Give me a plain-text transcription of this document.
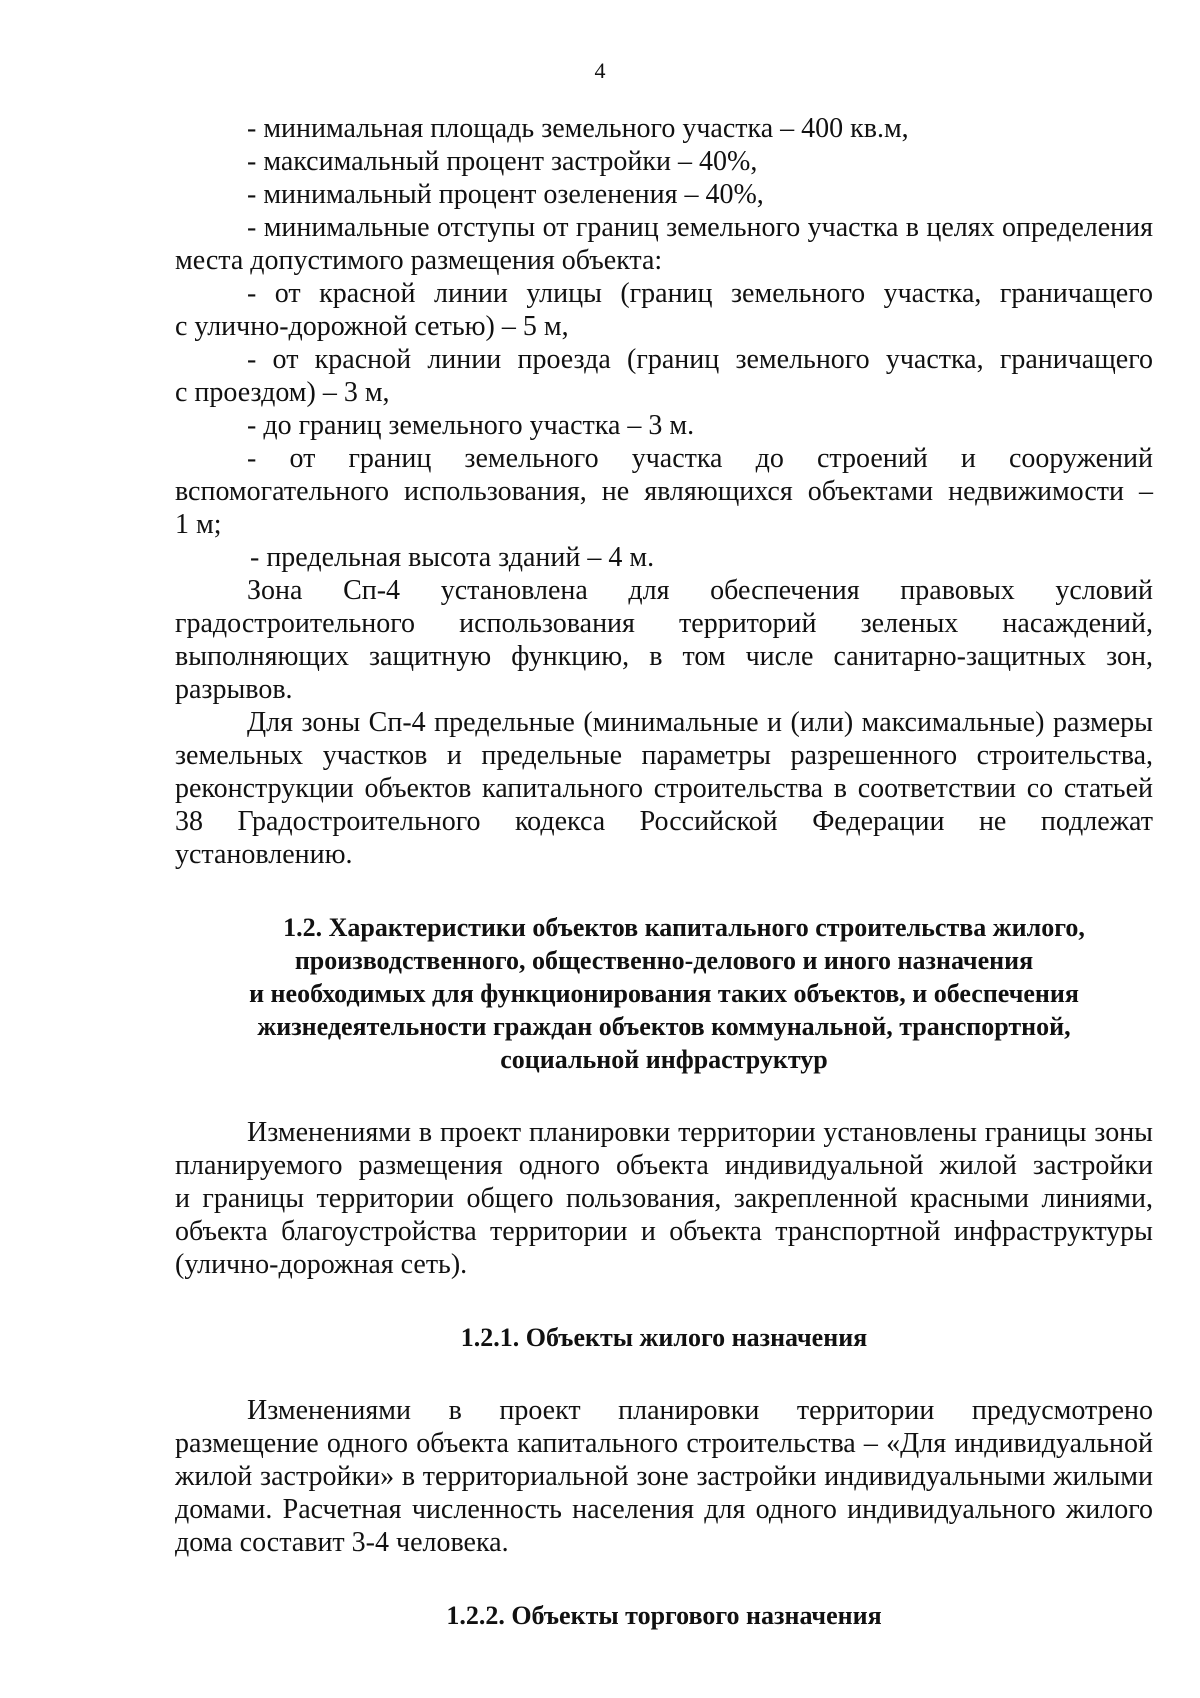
4
- минимальная площадь земельного участка – 400 кв.м,
- максимальный процент застройки – 40%,
- минимальный процент озеленения – 40%,
- минимальные отступы от границ земельного участка в целях определения
места допустимого размещения объекта:
- от красной линии улицы (границ земельного участка, граничащего
с улично-дорожной сетью) – 5 м,
- от красной линии проезда (границ земельного участка, граничащего
с проездом) – 3 м,
- до границ земельного участка – 3 м.
- от границ земельного участка до строений и сооружений
вспомогательного использования, не являющихся объектами недвижимости –
1 м;
- предельная высота зданий – 4 м.
Зона Сп-4 установлена для обеспечения правовых условий
градостроительного использования территорий зеленых насаждений,
выполняющих защитную функцию, в том числе санитарно-защитных зон,
разрывов.
Для зоны Сп-4 предельные (минимальные и (или) максимальные) размеры
земельных участков и предельные параметры разрешенного строительства,
реконструкции объектов капитального строительства в соответствии со статьей
38 Градостроительного кодекса Российской Федерации не подлежат
установлению.
1.2. Характеристики объектов капитального строительства жилого,
производственного, общественно-делового и иного назначения
и необходимых для функционирования таких объектов, и обеспечения
жизнедеятельности граждан объектов коммунальной, транспортной,
социальной инфраструктур
Изменениями в проект планировки территории установлены границы зоны
планируемого размещения одного объекта индивидуальной жилой застройки
и границы территории общего пользования, закрепленной красными линиями,
объекта благоустройства территории и объекта транспортной инфраструктуры
(улично-дорожная сеть).
1.2.1. Объекты жилого назначения
Изменениями в проект планировки территории предусмотрено
размещение одного объекта капитального строительства – «Для индивидуальной
жилой застройки» в территориальной зоне застройки индивидуальными жилыми
домами. Расчетная численность населения для одного индивидуального жилого
дома составит 3-4 человека.
1.2.2. Объекты торгового назначения
